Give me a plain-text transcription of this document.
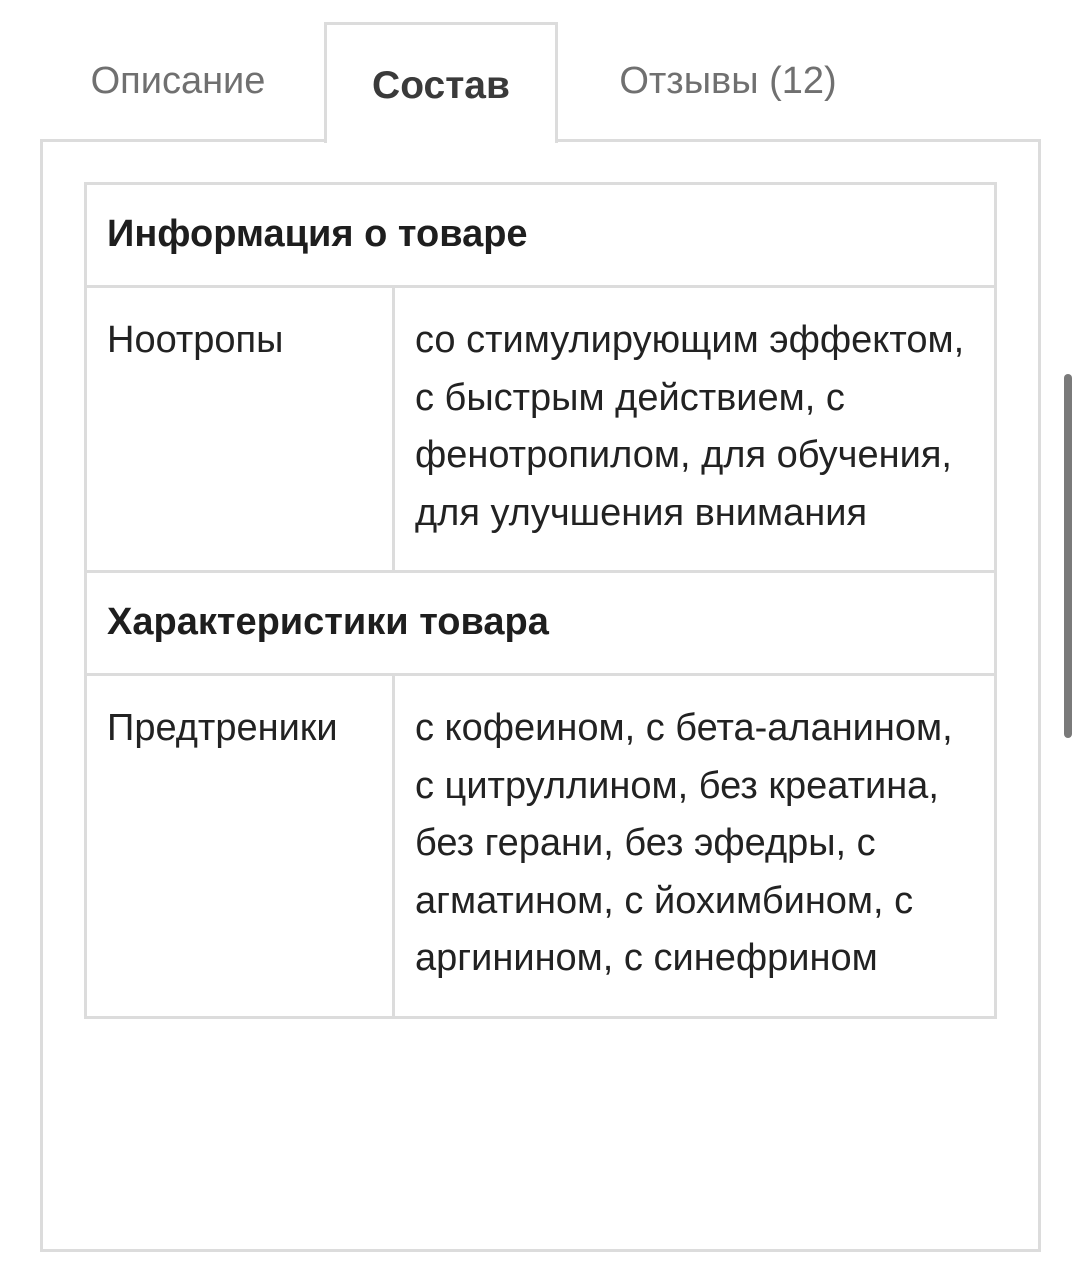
Описание	Состав	Отзывы (12)
Информация о товаре	
Ноотропы	со стимулирующим эффектом, с быстрым действием, с фенотропилом, для обучения, для улучшения внимания
Характеристики товара	
Предтреники	с кофеином, с бета-аланином, с цитруллином, без креатина, без герани, без эфедры, с агматином, с йохимбином, с аргинином, с синефрином
